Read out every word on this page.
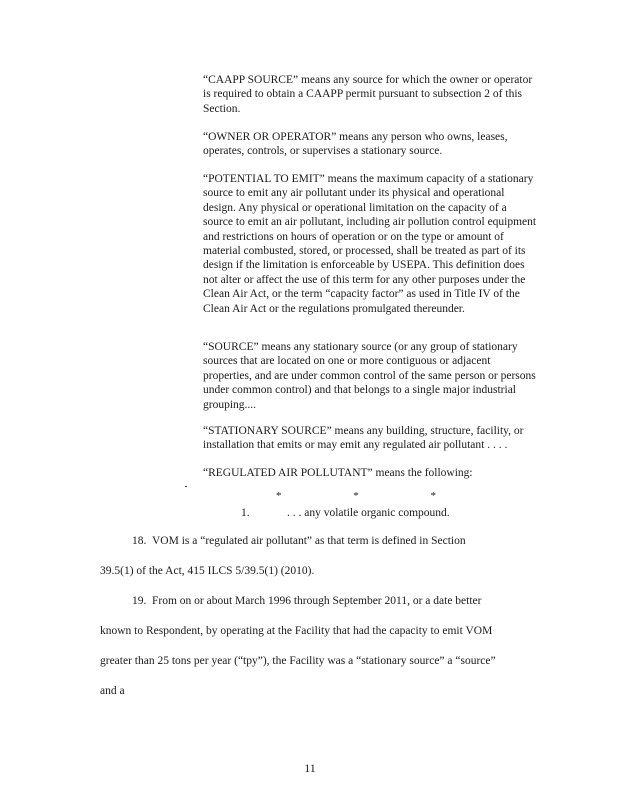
“CAAPP SOURCE” means any source for which the owner or operator is required to obtain a CAAPP permit pursuant to subsection 2 of this Section.

“OWNER OR OPERATOR” means any person who owns, leases, operates, controls, or supervises a stationary source.

“POTENTIAL TO EMIT” means the maximum capacity of a stationary source to emit any air pollutant under its physical and operational design. Any physical or operational limitation on the capacity of a source to emit an air pollutant, including air pollution control equipment and restrictions on hours of operation or on the type or amount of material combusted, stored, or processed, shall be treated as part of its design if the limitation is enforceable by USEPA. This definition does not alter or affect the use of this term for any other purposes under the Clean Air Act, or the term “capacity factor” as used in Title IV of the Clean Air Act or the regulations promulgated thereunder.

“SOURCE” means any stationary source (or any group of stationary sources that are located on one or more contiguous or adjacent properties, and are under common control of the same person or persons under common control) and that belongs to a single major industrial grouping....

“STATIONARY SOURCE” means any building, structure, facility, or installation that emits or may emit any regulated air pollutant . . . .

“REGULATED AIR POLLUTANT” means the following:

*	*	*
1.	. . . any volatile organic compound.

18. VOM is a “regulated air pollutant” as that term is defined in Section

39.5(1) of the Act, 415 ILCS 5/39.5(1) (2010).

19. From on or about March 1996 through September 2011, or a date better

known to Respondent, by operating at the Facility that had the capacity to emit VOM

greater than 25 tons per year (“tpy”), the Facility was a “stationary source” a “source”

and a

11
